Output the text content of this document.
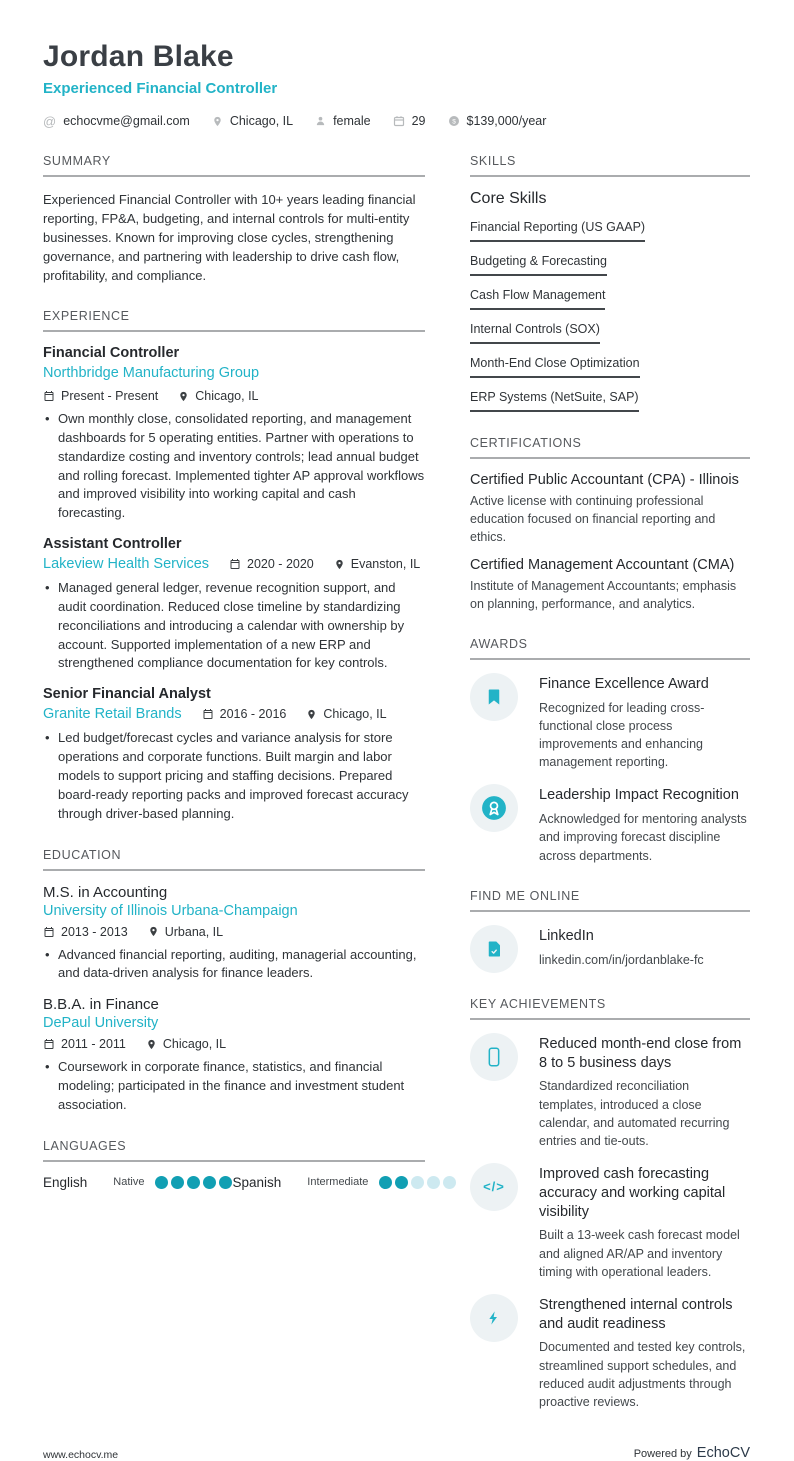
Jordan Blake
Experienced Financial Controller
@ echocvme@gmail.com	Chicago, IL	female	29 $ $139,000/year
SUMMARY

Experienced Financial Controller with 10+ years leading financial reporting, FP&A, budgeting, and internal controls for multi-entity businesses. Known for improving close cycles, strengthening governance, and partnering with leadership to drive cash flow, profitability, and compliance.

EXPERIENCE
Financial Controller
Northbridge Manufacturing Group
Present - Present	Chicago, IL
• Own monthly close, consolidated reporting, and management dashboards for 5 operating entities. Partner with operations to standardize costing and inventory controls; lead annual budget and rolling forecast. Implemented tighter AP approval workflows and improved visibility into working capital and cash forecasting.
Assistant Controller
Lakeview Health Services	2020 - 2020	Evanston, IL
• Managed general ledger, revenue recognition support, and audit coordination. Reduced close timeline by standardizing reconciliations and introducing a calendar with ownership by account. Supported implementation of a new ERP and strengthened compliance documentation for key controls.
Senior Financial Analyst
Granite Retail Brands	2016 - 2016	Chicago, IL
• Led budget/forecast cycles and variance analysis for store operations and corporate functions. Built margin and labor models to support pricing and staffing decisions. Prepared board-ready reporting packs and improved forecast accuracy through driver-based planning.
EDUCATION
M.S. in Accounting
University of Illinois Urbana-Champaign
2013 - 2013	Urbana, IL
• Advanced financial reporting, auditing, managerial accounting, and data-driven analysis for finance leaders.
B.B.A. in Finance
DePaul University
2011 - 2011	Chicago, IL
• Coursework in corporate finance, statistics, and financial modeling; participated in the finance and investment student association.
LANGUAGES
English Native	Spanish Intermediate
SKILLS
Core Skills
Financial Reporting (US GAAP)
Budgeting & Forecasting
Cash Flow Management
Internal Controls (SOX)
Month-End Close Optimization
ERP Systems (NetSuite, SAP)
CERTIFICATIONS
Certified Public Accountant (CPA) - Illinois
Active license with continuing professional education focused on financial reporting and ethics.
Certified Management Accountant (CMA)
Institute of Management Accountants; emphasis on planning, performance, and analytics.
AWARDS
Finance Excellence Award
Recognized for leading cross-functional close process improvements and enhancing management reporting.
Leadership Impact Recognition
Acknowledged for mentoring analysts and improving forecast discipline across departments.
FIND ME ONLINE
LinkedIn
linkedin.com/in/jordanblake-fc
KEY ACHIEVEMENTS
Reduced month-end close from 8 to 5 business days
Standardized reconciliation templates, introduced a close calendar, and automated recurring entries and tie-outs.
</>
Improved cash forecasting accuracy and working capital visibility
Built a 13-week cash forecast model and aligned AR/AP and inventory timing with operational leaders.
Strengthened internal controls and audit readiness
Documented and tested key controls, streamlined support schedules, and reduced audit adjustments through proactive reviews.
www.echocv.me	Powered by EchoCV
